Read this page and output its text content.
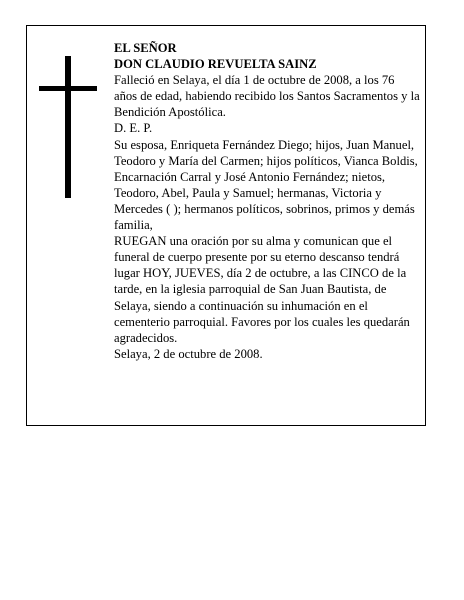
EL SEÑOR

DON CLAUDIO REVUELTA SAINZ

Falleció en Selaya, el día 1 de octubre de 2008, a los 76 años de edad, habiendo recibido los Santos Sacramentos y la Bendición Apostólica.

D. E. P.

Su esposa, Enriqueta Fernández Diego; hijos, Juan Manuel, Teodoro y María del Carmen; hijos políticos, Vianca Boldis, Encarnación Carral y José Antonio Fernández; nietos, Teodoro, Abel, Paula y Samuel; hermanas, Victoria y Mercedes ( ); hermanos políticos, sobrinos, primos y demás familia,

RUEGAN una oración por su alma y comunican que el funeral de cuerpo presente por su eterno descanso tendrá lugar HOY, JUEVES, día 2 de octubre, a las CINCO de la tarde, en la iglesia parroquial de San Juan Bautista, de Selaya, siendo a continuación su inhumación en el cementerio parroquial. Favores por los cuales les quedarán agradecidos.

Selaya, 2 de octubre de 2008.
